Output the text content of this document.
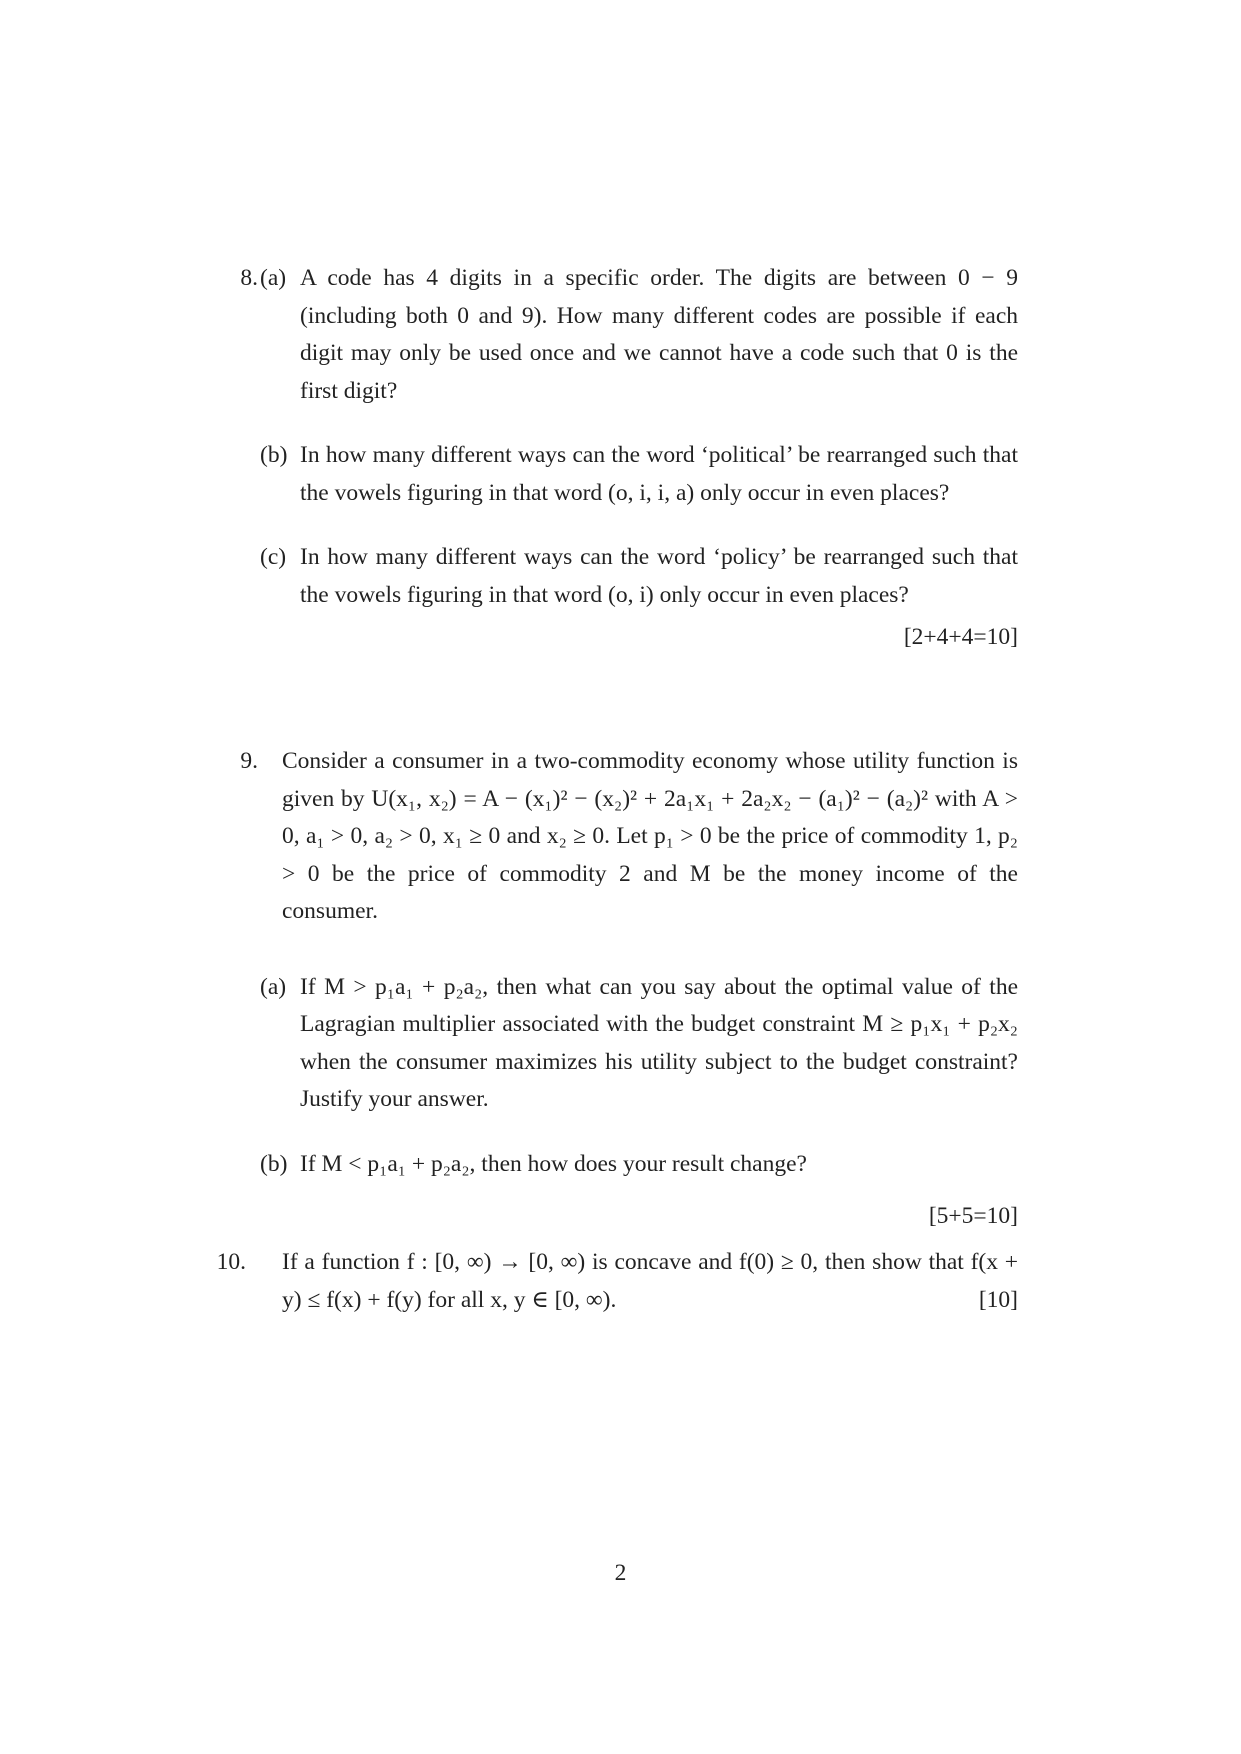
8. (a) A code has 4 digits in a specific order. The digits are between 0 − 9 (including both 0 and 9). How many different codes are possible if each digit may only be used once and we cannot have a code such that 0 is the first digit?
(b) In how many different ways can the word ‘political’ be rearranged such that the vowels figuring in that word (o, i, i, a) only occur in even places?
(c) In how many different ways can the word ‘policy’ be rearranged such that the vowels figuring in that word (o, i) only occur in even places?
[2+4+4=10]
9. Consider a consumer in a two-commodity economy whose utility function is given by U(x₁, x₂) = A − (x₁)² − (x₂)² + 2a₁x₁ + 2a₂x₂ − (a₁)² − (a₂)² with A > 0, a₁ > 0, a₂ > 0, x₁ ≥ 0 and x₂ ≥ 0. Let p₁ > 0 be the price of commodity 1, p₂ > 0 be the price of commodity 2 and M be the money income of the consumer.
(a) If M > p₁a₁ + p₂a₂, then what can you say about the optimal value of the Lagragian multiplier associated with the budget constraint M ≥ p₁x₁ + p₂x₂ when the consumer maximizes his utility subject to the budget constraint? Justify your answer.
(b) If M < p₁a₁ + p₂a₂, then how does your result change?
[5+5=10]
10. If a function f : [0, ∞) → [0, ∞) is concave and f(0) ≥ 0, then show that f(x + y) ≤ f(x) + f(y) for all x, y ∈ [0, ∞).	[10]
2
